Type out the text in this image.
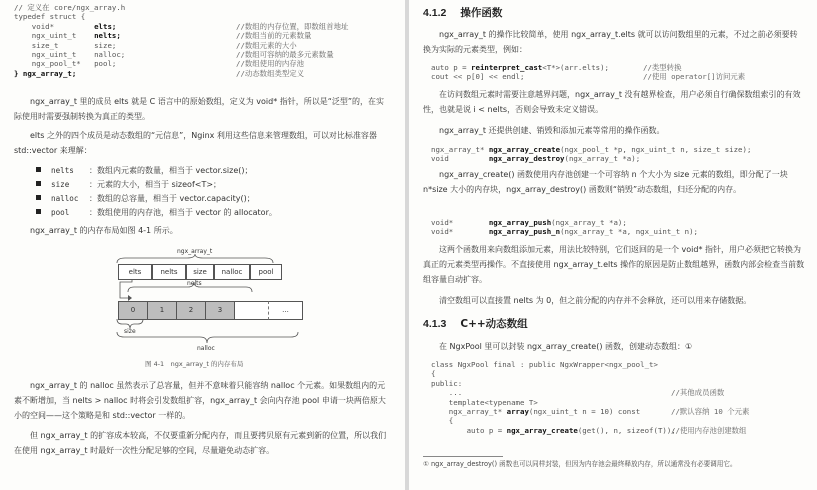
// 定义在 core/ngx_array.h
typedef struct {
void*         elts;	//数组的内存位置，即数组首地址
ngx_uint_t    nelts;	//数组当前的元素数量
size_t        size;	//数组元素的大小
ngx_uint_t    nalloc;	//数组可容纳的最多元素数量
ngx_pool_t*   pool;	//数组使用的内存池
} ngx_array_t;	//动态数组类型定义

ngx_array_t 里的成员 elts 就是 C 语言中的原始数组，定义为 void* 指针，所以是“泛型”的，在实际使用时需要强制转换为真正的类型。

elts 之外的四个成员是动态数组的“元信息”，Nginx 利用这些信息来管理数组，可以对比标准容器 std::vector 来理解：

nelts ：数组内元素的数量，相当于 vector.size()；
size ：元素的大小，相当于 sizeof<T>；
nalloc ：数组的总容量，相当于 vector.capacity()；
pool ：数组使用的内存池，相当于 vector 的 allocator。

ngx_array_t 的内存布局如图 4-1 所示。

ngx_array_t
elts	nelts	size	nalloc	pool
nelts
0	1	2	3	...
size
nalloc
图 4-1　ngx_array_t 的内存布局

ngx_array_t 的 nalloc 虽然表示了总容量，但并不意味着只能容纳 nalloc 个元素。如果数组内的元素不断增加，当 nelts > nalloc 时将会引发数组扩容，ngx_array_t 会向内存池 pool 申请一块两倍原大小的空间——这个策略是和 std::vector 一样的。

但 ngx_array_t 的扩容成本较高，不仅要重新分配内存，而且要拷贝原有元素到新的位置，所以我们在使用 ngx_array_t 时最好一次性分配足够的空间，尽量避免动态扩容。

4.1.2 操作函数

ngx_array_t 的操作比较简单，使用 ngx_array_t.elts 就可以访问数组里的元素，不过之前必须要转换为实际的元素类型，例如：

auto p = reinterpret_cast<T*>(arr.elts);	//类型转换
cout << p[0] << endl;	//使用 operator[]访问元素

在访问数组元素时需要注意越界问题，ngx_array_t 没有越界检查，用户必须自行确保数组索引的有效性，也就是说 i < nelts，否则会导致未定义错误。

ngx_array_t 还提供创建、销毁和添加元素等常用的操作函数。

ngx_array_t* ngx_array_create(ngx_pool_t *p, ngx_uint_t n, size_t size);
void         ngx_array_destroy(ngx_array_t *a);

ngx_array_create() 函数使用内存池创建一个可容纳 n 个大小为 size 元素的数组，即分配了一块 n*size 大小的内存块，ngx_array_destroy() 函数则“销毁”动态数组，归还分配的内存。

void*        ngx_array_push(ngx_array_t *a);
void*        ngx_array_push_n(ngx_array_t *a, ngx_uint_t n);

这两个函数用来向数组添加元素，用法比较特别，它们返回的是一个 void* 指针，用户必须把它转换为真正的元素类型再操作。不直接使用 ngx_array_t.elts 操作的原因是防止数组越界，函数内部会检查当前数组容量自动扩容。

清空数组可以直接置 nelts 为 0，但之前分配的内存并不会释放，还可以用来存储数据。

4.1.3 C++动态数组

在 NgxPool 里可以封装 ngx_array_create() 函数，创建动态数组：①

class NgxPool final : public NgxWrapper<ngx_pool_t>
{
public:
...	//其他成员函数
template<typename T>
ngx_array_t* array(ngx_uint_t n = 10) const	//默认容纳 10 个元素
{
auto p = ngx_array_create(get(), n, sizeof(T));
//使用内存池创建数组

① ngx_array_destroy() 函数也可以同样封装，但因为内存池会最终释放内存，所以通常没有必要调用它。
